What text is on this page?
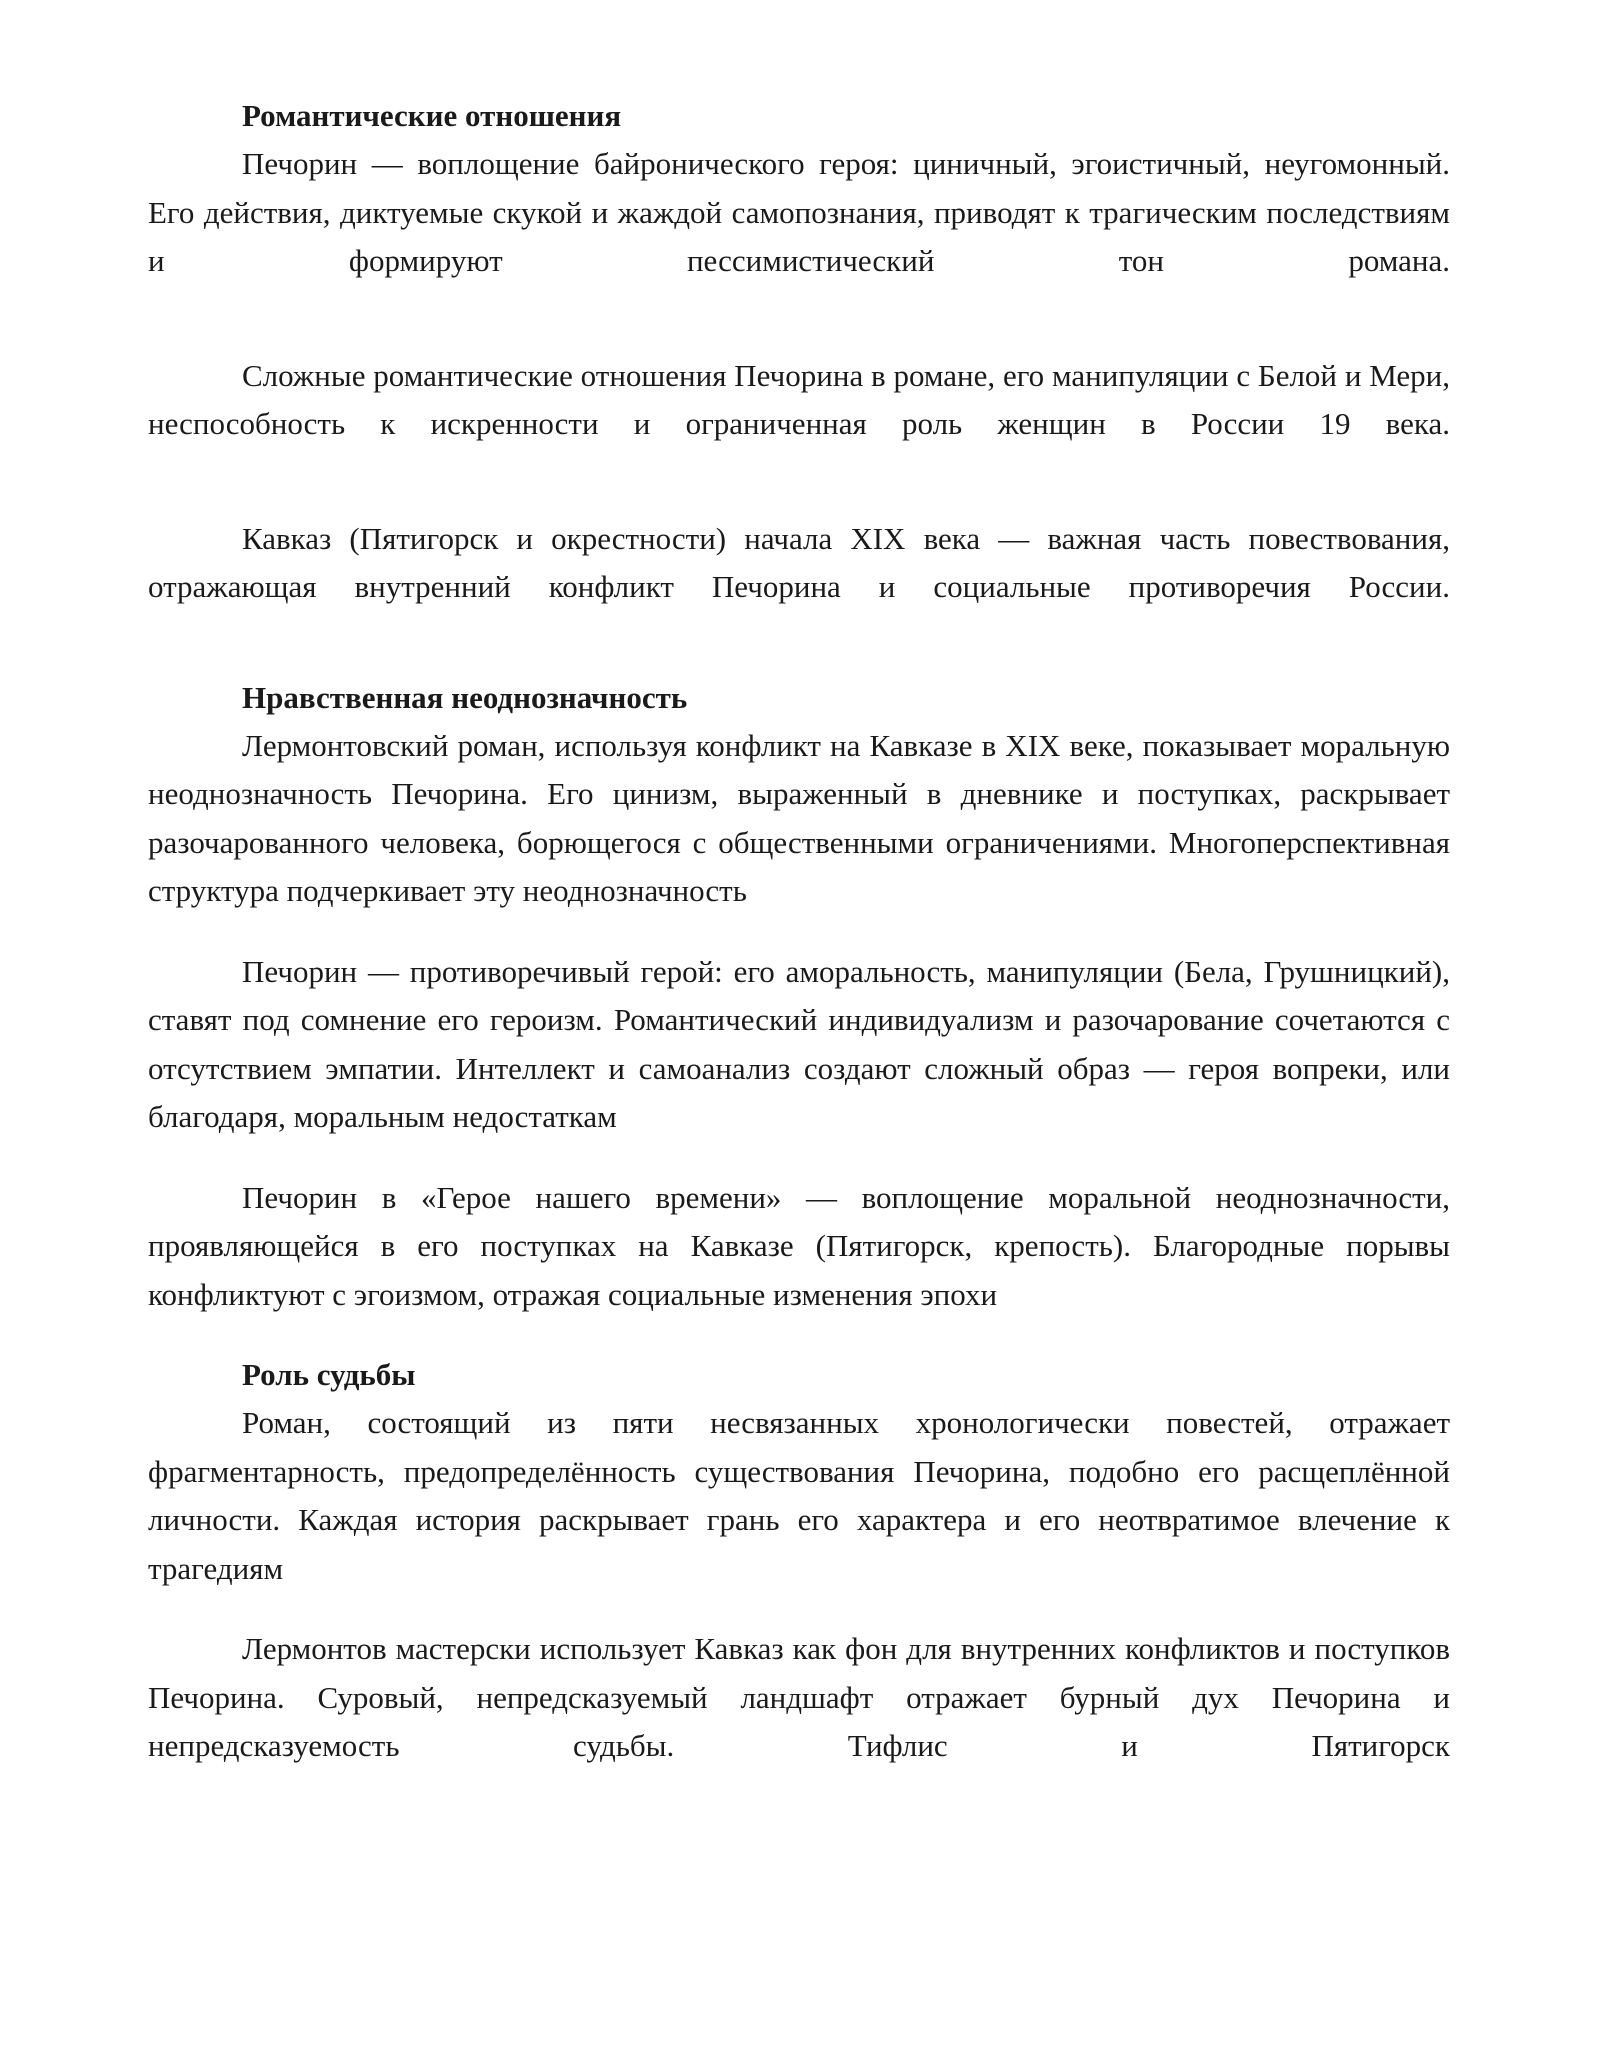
Романтические отношения

Печорин — воплощение байронического героя: циничный, эгоистичный, неугомонный. Его действия, диктуемые скукой и жаждой самопознания, приводят к трагическим последствиям и формируют пессимистический тон романа.

Сложные романтические отношения Печорина в романе, его манипуляции с Белой и Мери, неспособность к искренности и ограниченная роль женщин в России 19 века.

Кавказ (Пятигорск и окрестности) начала XIX века — важная часть повествования, отражающая внутренний конфликт Печорина и социальные противоречия России.

Нравственная неоднозначность

Лермонтовский роман, используя конфликт на Кавказе в XIX веке, показывает моральную неоднозначность Печорина. Его цинизм, выраженный в дневнике и поступках, раскрывает разочарованного человека, борющегося с общественными ограничениями. Многоперспективная структура подчеркивает эту неоднозначность

Печорин — противоречивый герой: его аморальность, манипуляции (Бела, Грушницкий), ставят под сомнение его героизм. Романтический индивидуализм и разочарование сочетаются с отсутствием эмпатии. Интеллект и самоанализ создают сложный образ — героя вопреки, или благодаря, моральным недостаткам

Печорин в «Герое нашего времени» — воплощение моральной неоднозначности, проявляющейся в его поступках на Кавказе (Пятигорск, крепость). Благородные порывы конфликтуют с эгоизмом, отражая социальные изменения эпохи

Роль судьбы

Роман, состоящий из пяти несвязанных хронологически повестей, отражает фрагментарность, предопределённость существования Печорина, подобно его расщеплённой личности. Каждая история раскрывает грань его характера и его неотвратимое влечение к трагедиям

Лермонтов мастерски использует Кавказ как фон для внутренних конфликтов и поступков Печорина. Суровый, непредсказуемый ландшафт отражает бурный дух Печорина и непредсказуемость судьбы. Тифлис и Пятигорск
